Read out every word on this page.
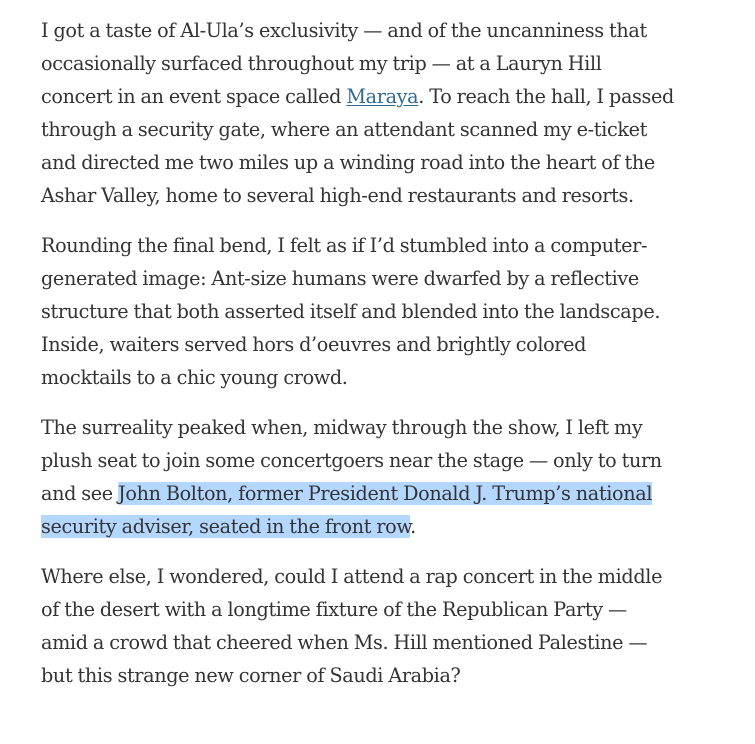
I got a taste of Al-Ula’s exclusivity — and of the uncanniness that
occasionally surfaced throughout my trip — at a Lauryn Hill
concert in an event space called Maraya. To reach the hall, I passed
through a security gate, where an attendant scanned my e-ticket
and directed me two miles up a winding road into the heart of the
Ashar Valley, home to several high-end restaurants and resorts.

Rounding the final bend, I felt as if I’d stumbled into a computer-
generated image: Ant-size humans were dwarfed by a reflective
structure that both asserted itself and blended into the landscape.
Inside, waiters served hors d’oeuvres and brightly colored
mocktails to a chic young crowd.

The surreality peaked when, midway through the show, I left my
plush seat to join some concertgoers near the stage — only to turn
and see John Bolton, former President Donald J. Trump’s national
security adviser, seated in the front row.

Where else, I wondered, could I attend a rap concert in the middle
of the desert with a longtime fixture of the Republican Party —
amid a crowd that cheered when Ms. Hill mentioned Palestine —
but this strange new corner of Saudi Arabia?
